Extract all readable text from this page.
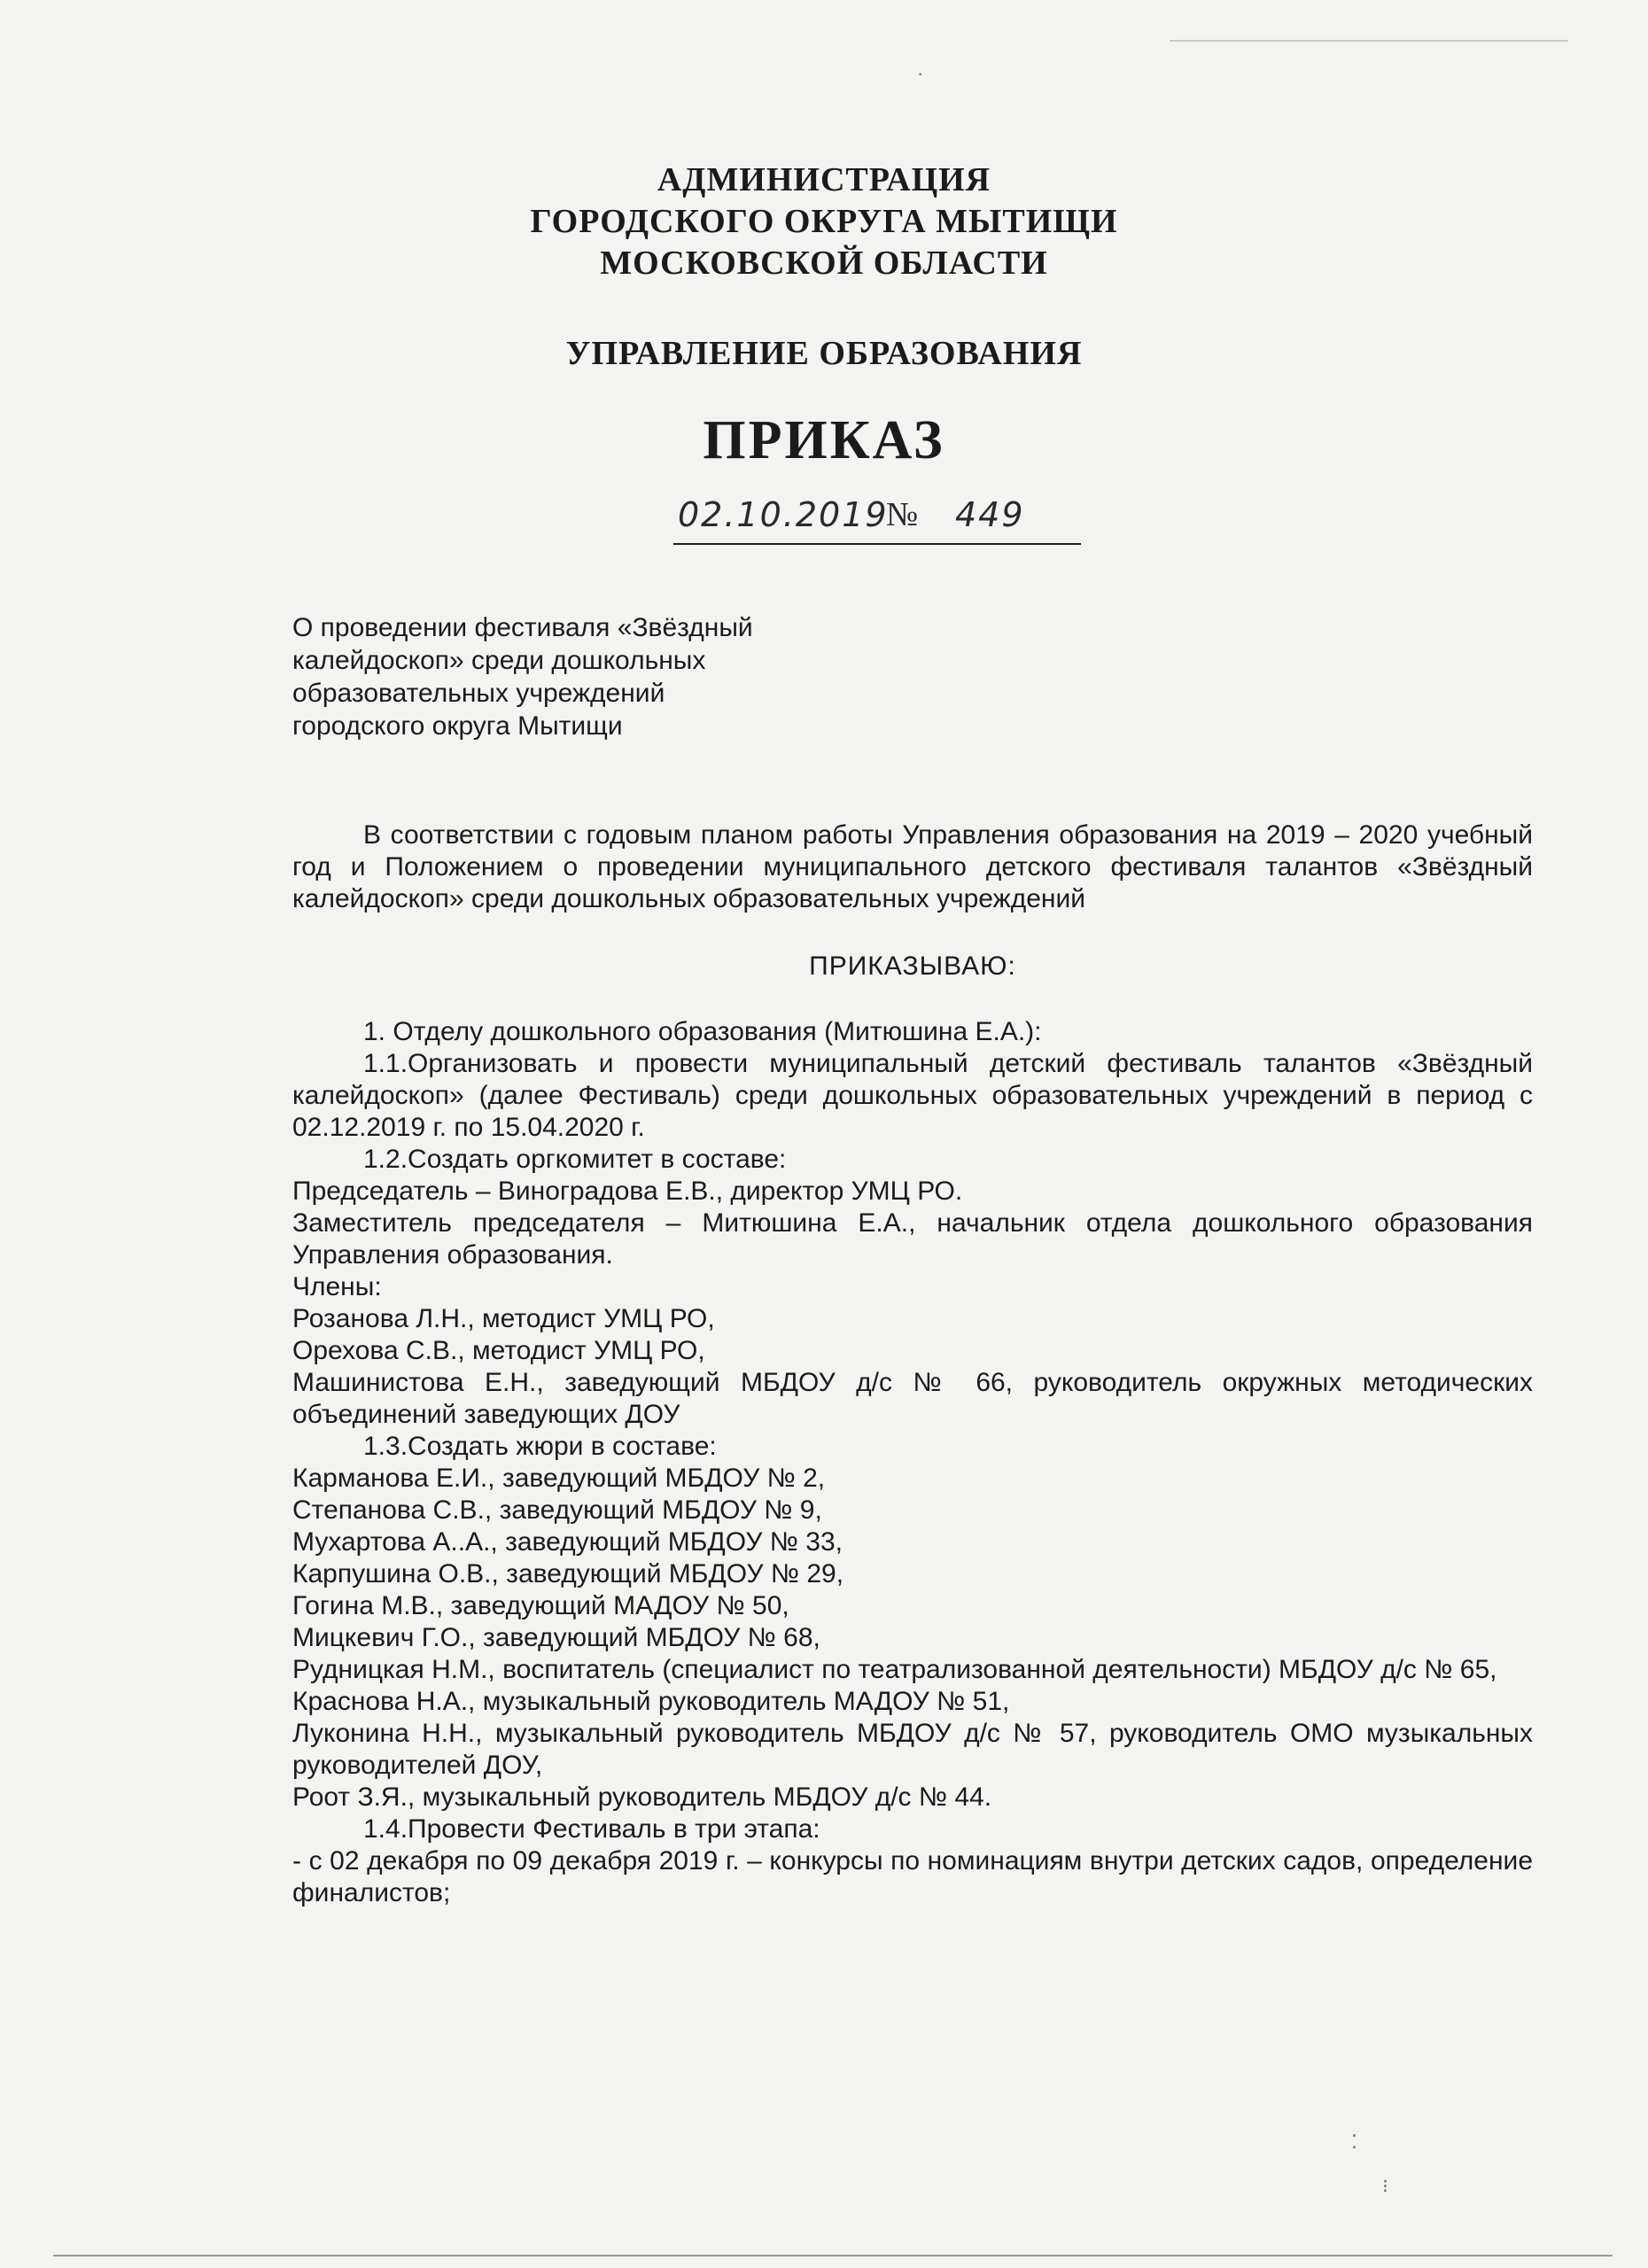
АДМИНИСТРАЦИЯ
ГОРОДСКОГО ОКРУГА МЫТИЩИ
МОСКОВСКОЙ ОБЛАСТИ
УПРАВЛЕНИЕ ОБРАЗОВАНИЯ
ПРИКАЗ
02.10.2019
№ 449
О проведении фестиваля «Звёздный
калейдоскоп» среди дошкольных
образовательных учреждений
городского округа Мытищи

В соответствии с годовым планом работы Управления образования на 2019 – 2020 учебный год и Положением о проведении муниципального детского фестиваля талантов «Звёздный калейдоскоп» среди дошкольных образовательных учреждений

ПРИКАЗЫВАЮ:

1. Отделу дошкольного образования (Митюшина Е.А.):

1.1.Организовать и провести муниципальный детский фестиваль талантов «Звёздный калейдоскоп» (далее Фестиваль) среди дошкольных образовательных учреждений в период с 02.12.2019 г. по 15.04.2020 г.

1.2.Создать оргкомитет в составе:

Председатель – Виноградова Е.В., директор УМЦ РО.

Заместитель председателя – Митюшина Е.А., начальник отдела дошкольного образования Управления образования.

Члены:

Розанова Л.Н., методист УМЦ РО,

Орехова С.В., методист УМЦ РО,

Машинистова Е.Н., заведующий МБДОУ д/с № 66, руководитель окружных методических объединений заведующих ДОУ

1.3.Создать жюри в составе:

Карманова Е.И., заведующий МБДОУ № 2,

Степанова С.В., заведующий МБДОУ № 9,

Мухартова А..А., заведующий МБДОУ № 33,

Карпушина О.В., заведующий МБДОУ № 29,

Гогина М.В., заведующий МАДОУ № 50,

Мицкевич Г.О., заведующий МБДОУ № 68,

Рудницкая Н.М., воспитатель (специалист по театрализованной деятельности) МБДОУ д/с № 65,

Краснова Н.А., музыкальный руководитель МАДОУ № 51,

Луконина Н.Н., музыкальный руководитель МБДОУ д/с № 57, руководитель ОМО музыкальных руководителей ДОУ,

Роот З.Я., музыкальный руководитель МБДОУ д/с № 44.

1.4.Провести Фестиваль в три этапа:

- с 02 декабря по 09 декабря 2019 г. – конкурсы по номинациям внутри детских садов, определение финалистов;

·
⁚
⁝
